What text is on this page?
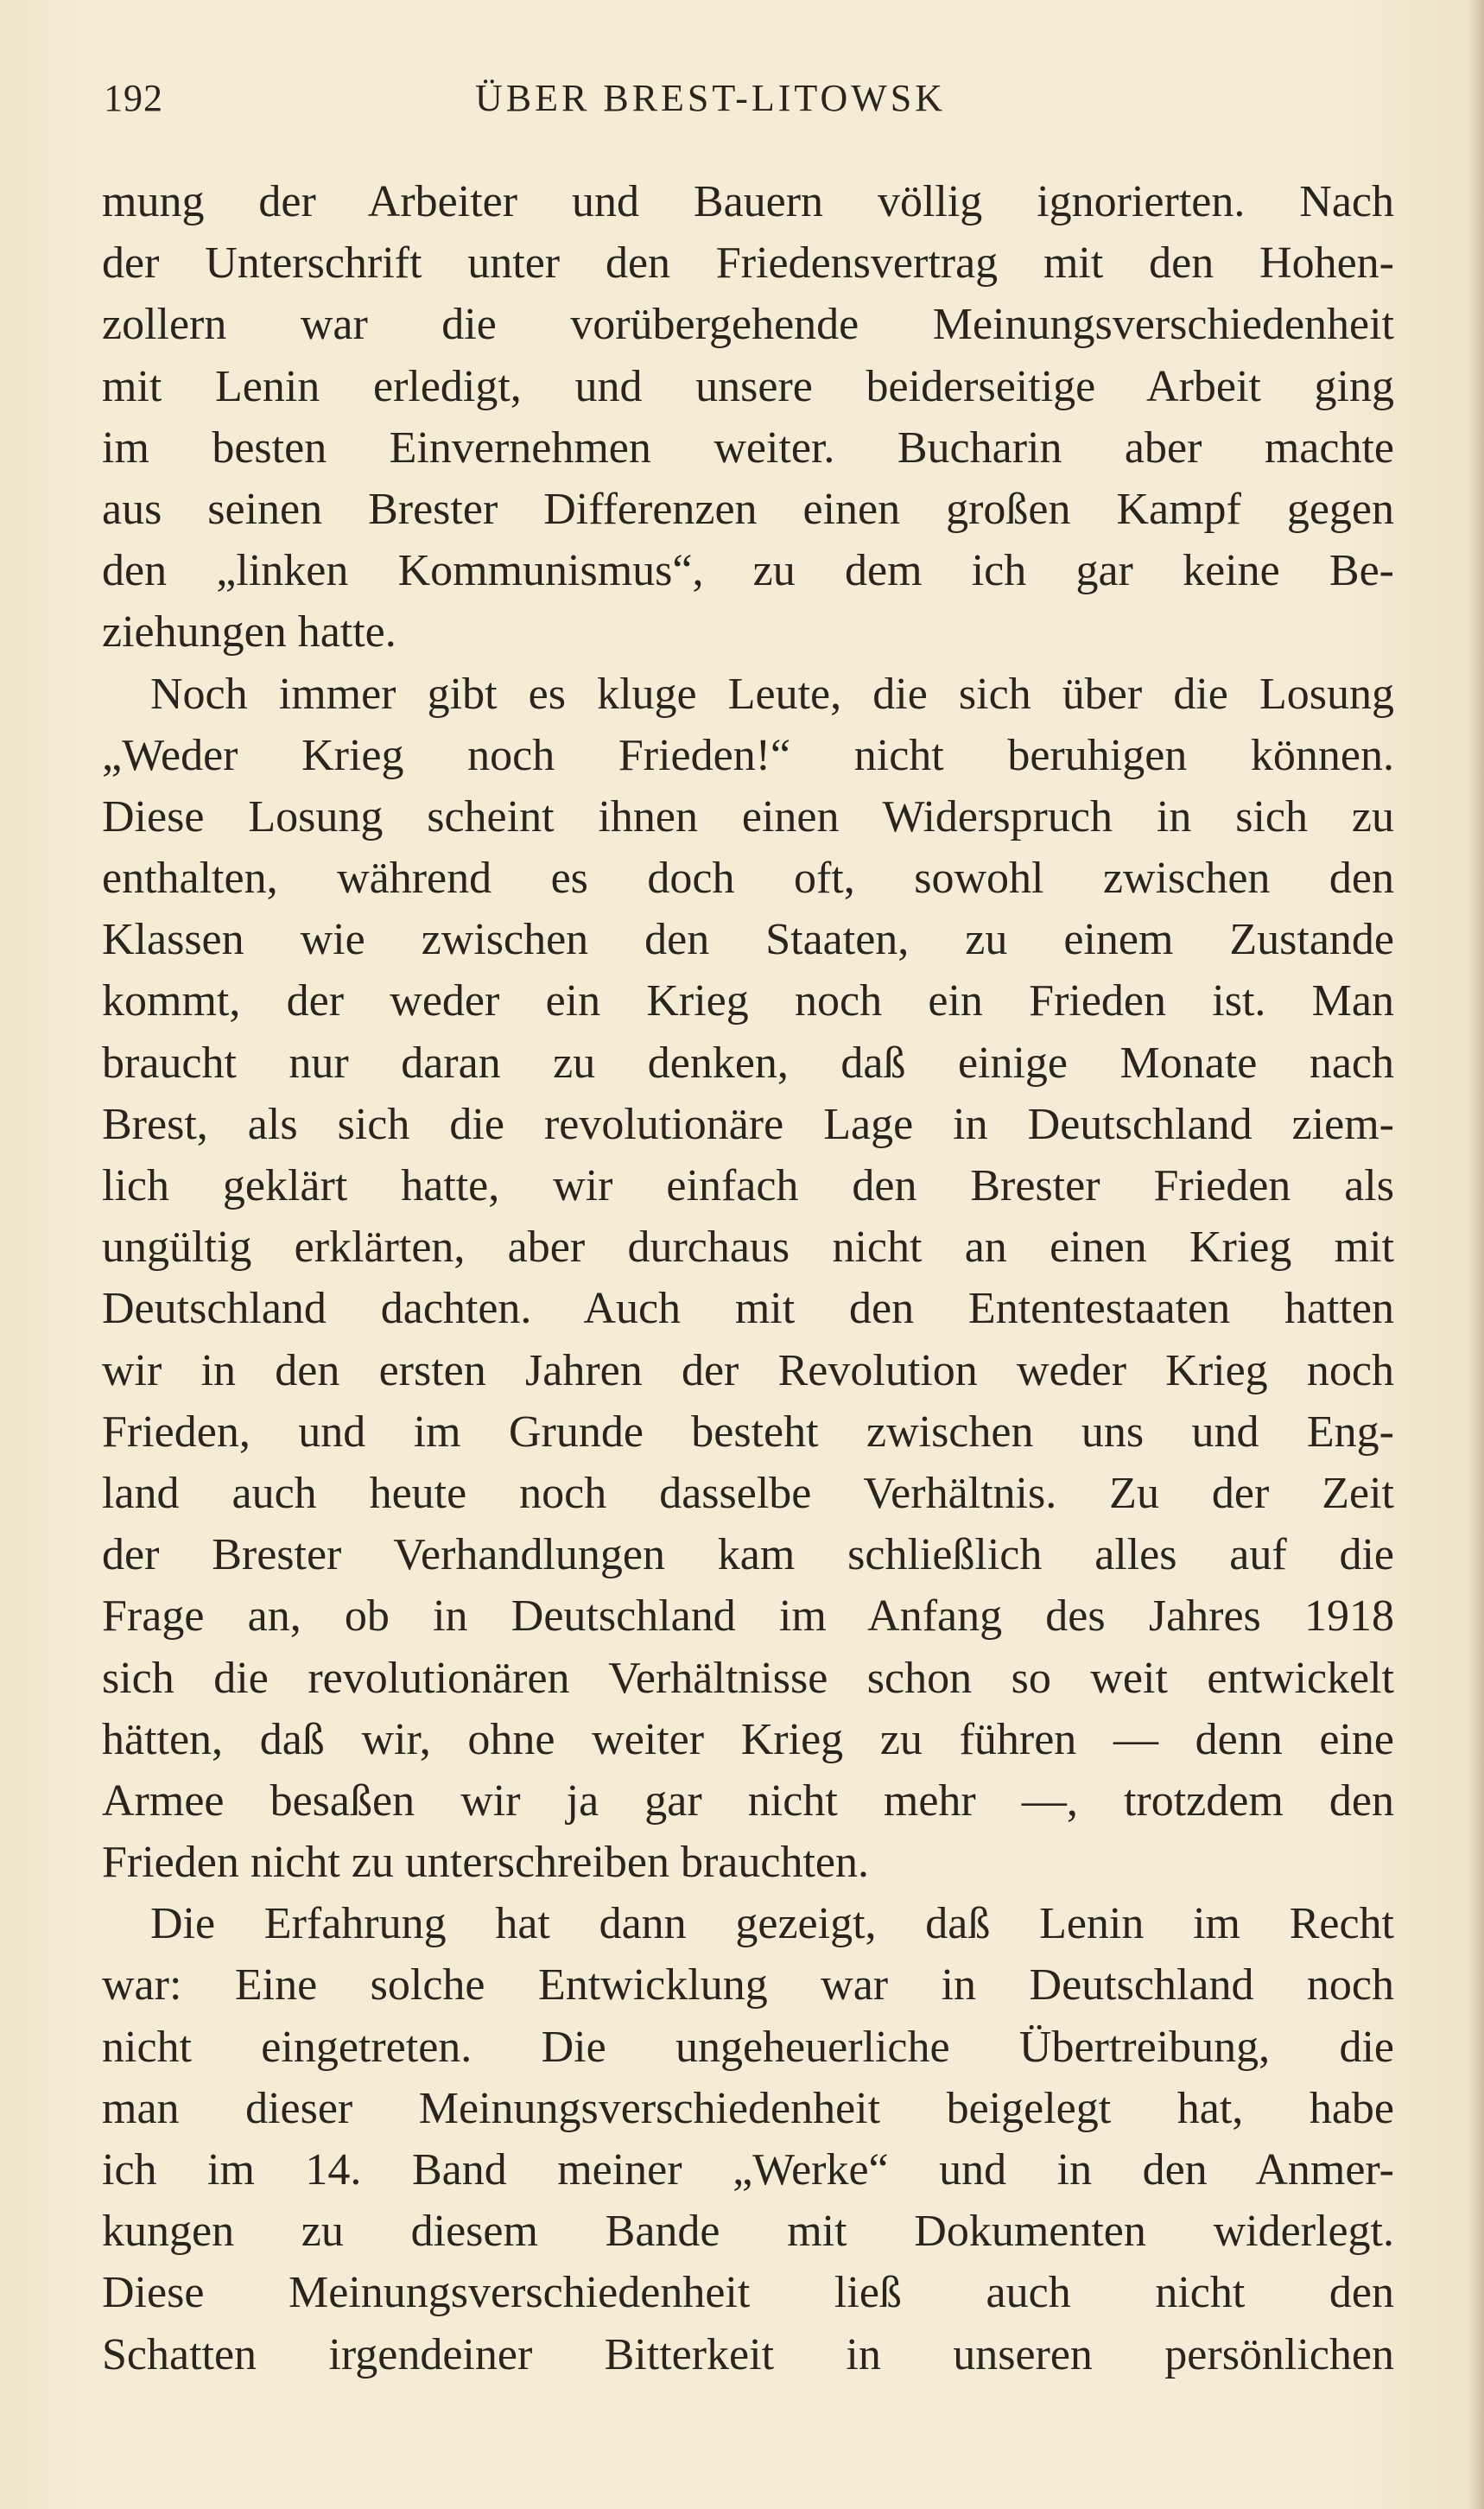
192	ÜBER BREST-LITOWSK
mung der Arbeiter und Bauern völlig ignorierten. Nach
der Unterschrift unter den Friedensvertrag mit den Hohen-
zollern war die vorübergehende Meinungsverschiedenheit
mit Lenin erledigt, und unsere beiderseitige Arbeit ging
im besten Einvernehmen weiter. Bucharin aber machte
aus seinen Brester Differenzen einen großen Kampf gegen
den „linken Kommunismus“, zu dem ich gar keine Be-
ziehungen hatte.
Noch immer gibt es kluge Leute, die sich über die Losung
„Weder Krieg noch Frieden!“ nicht beruhigen können.
Diese Losung scheint ihnen einen Widerspruch in sich zu
enthalten, während es doch oft, sowohl zwischen den
Klassen wie zwischen den Staaten, zu einem Zustande
kommt, der weder ein Krieg noch ein Frieden ist. Man
braucht nur daran zu denken, daß einige Monate nach
Brest, als sich die revolutionäre Lage in Deutschland ziem-
lich geklärt hatte, wir einfach den Brester Frieden als
ungültig erklärten, aber durchaus nicht an einen Krieg mit
Deutschland dachten. Auch mit den Ententestaaten hatten
wir in den ersten Jahren der Revolution weder Krieg noch
Frieden, und im Grunde besteht zwischen uns und Eng-
land auch heute noch dasselbe Verhältnis. Zu der Zeit
der Brester Verhandlungen kam schließlich alles auf die
Frage an, ob in Deutschland im Anfang des Jahres 1918
sich die revolutionären Verhältnisse schon so weit entwickelt
hätten, daß wir, ohne weiter Krieg zu führen — denn eine
Armee besaßen wir ja gar nicht mehr —, trotzdem den
Frieden nicht zu unterschreiben brauchten.
Die Erfahrung hat dann gezeigt, daß Lenin im Recht
war: Eine solche Entwicklung war in Deutschland noch
nicht eingetreten. Die ungeheuerliche Übertreibung, die
man dieser Meinungsverschiedenheit beigelegt hat, habe
ich im 14. Band meiner „Werke“ und in den Anmer-
kungen zu diesem Bande mit Dokumenten widerlegt.
Diese Meinungsverschiedenheit ließ auch nicht den
Schatten irgendeiner Bitterkeit in unseren persönlichen
